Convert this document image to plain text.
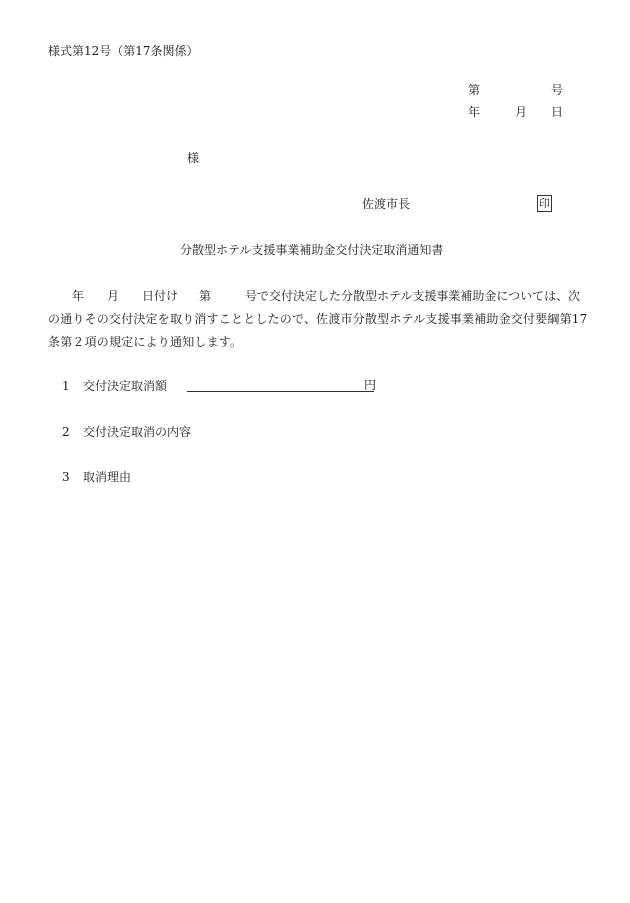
様式第12号（第17条関係）
第	号
年	月 日
様
佐渡市長	印
分散型ホテル支援事業補助金交付決定取消通知書
年 月 日付け 第	号で交付決定した分散型ホテル支援事業補助金については、次
の通りその交付決定を取り消すこととしたので、佐渡市分散型ホテル支援事業補助金交付要綱第17
条第２項の規定により通知します。
1 交付決定取消額	円
2 交付決定取消の内容
3 取消理由
